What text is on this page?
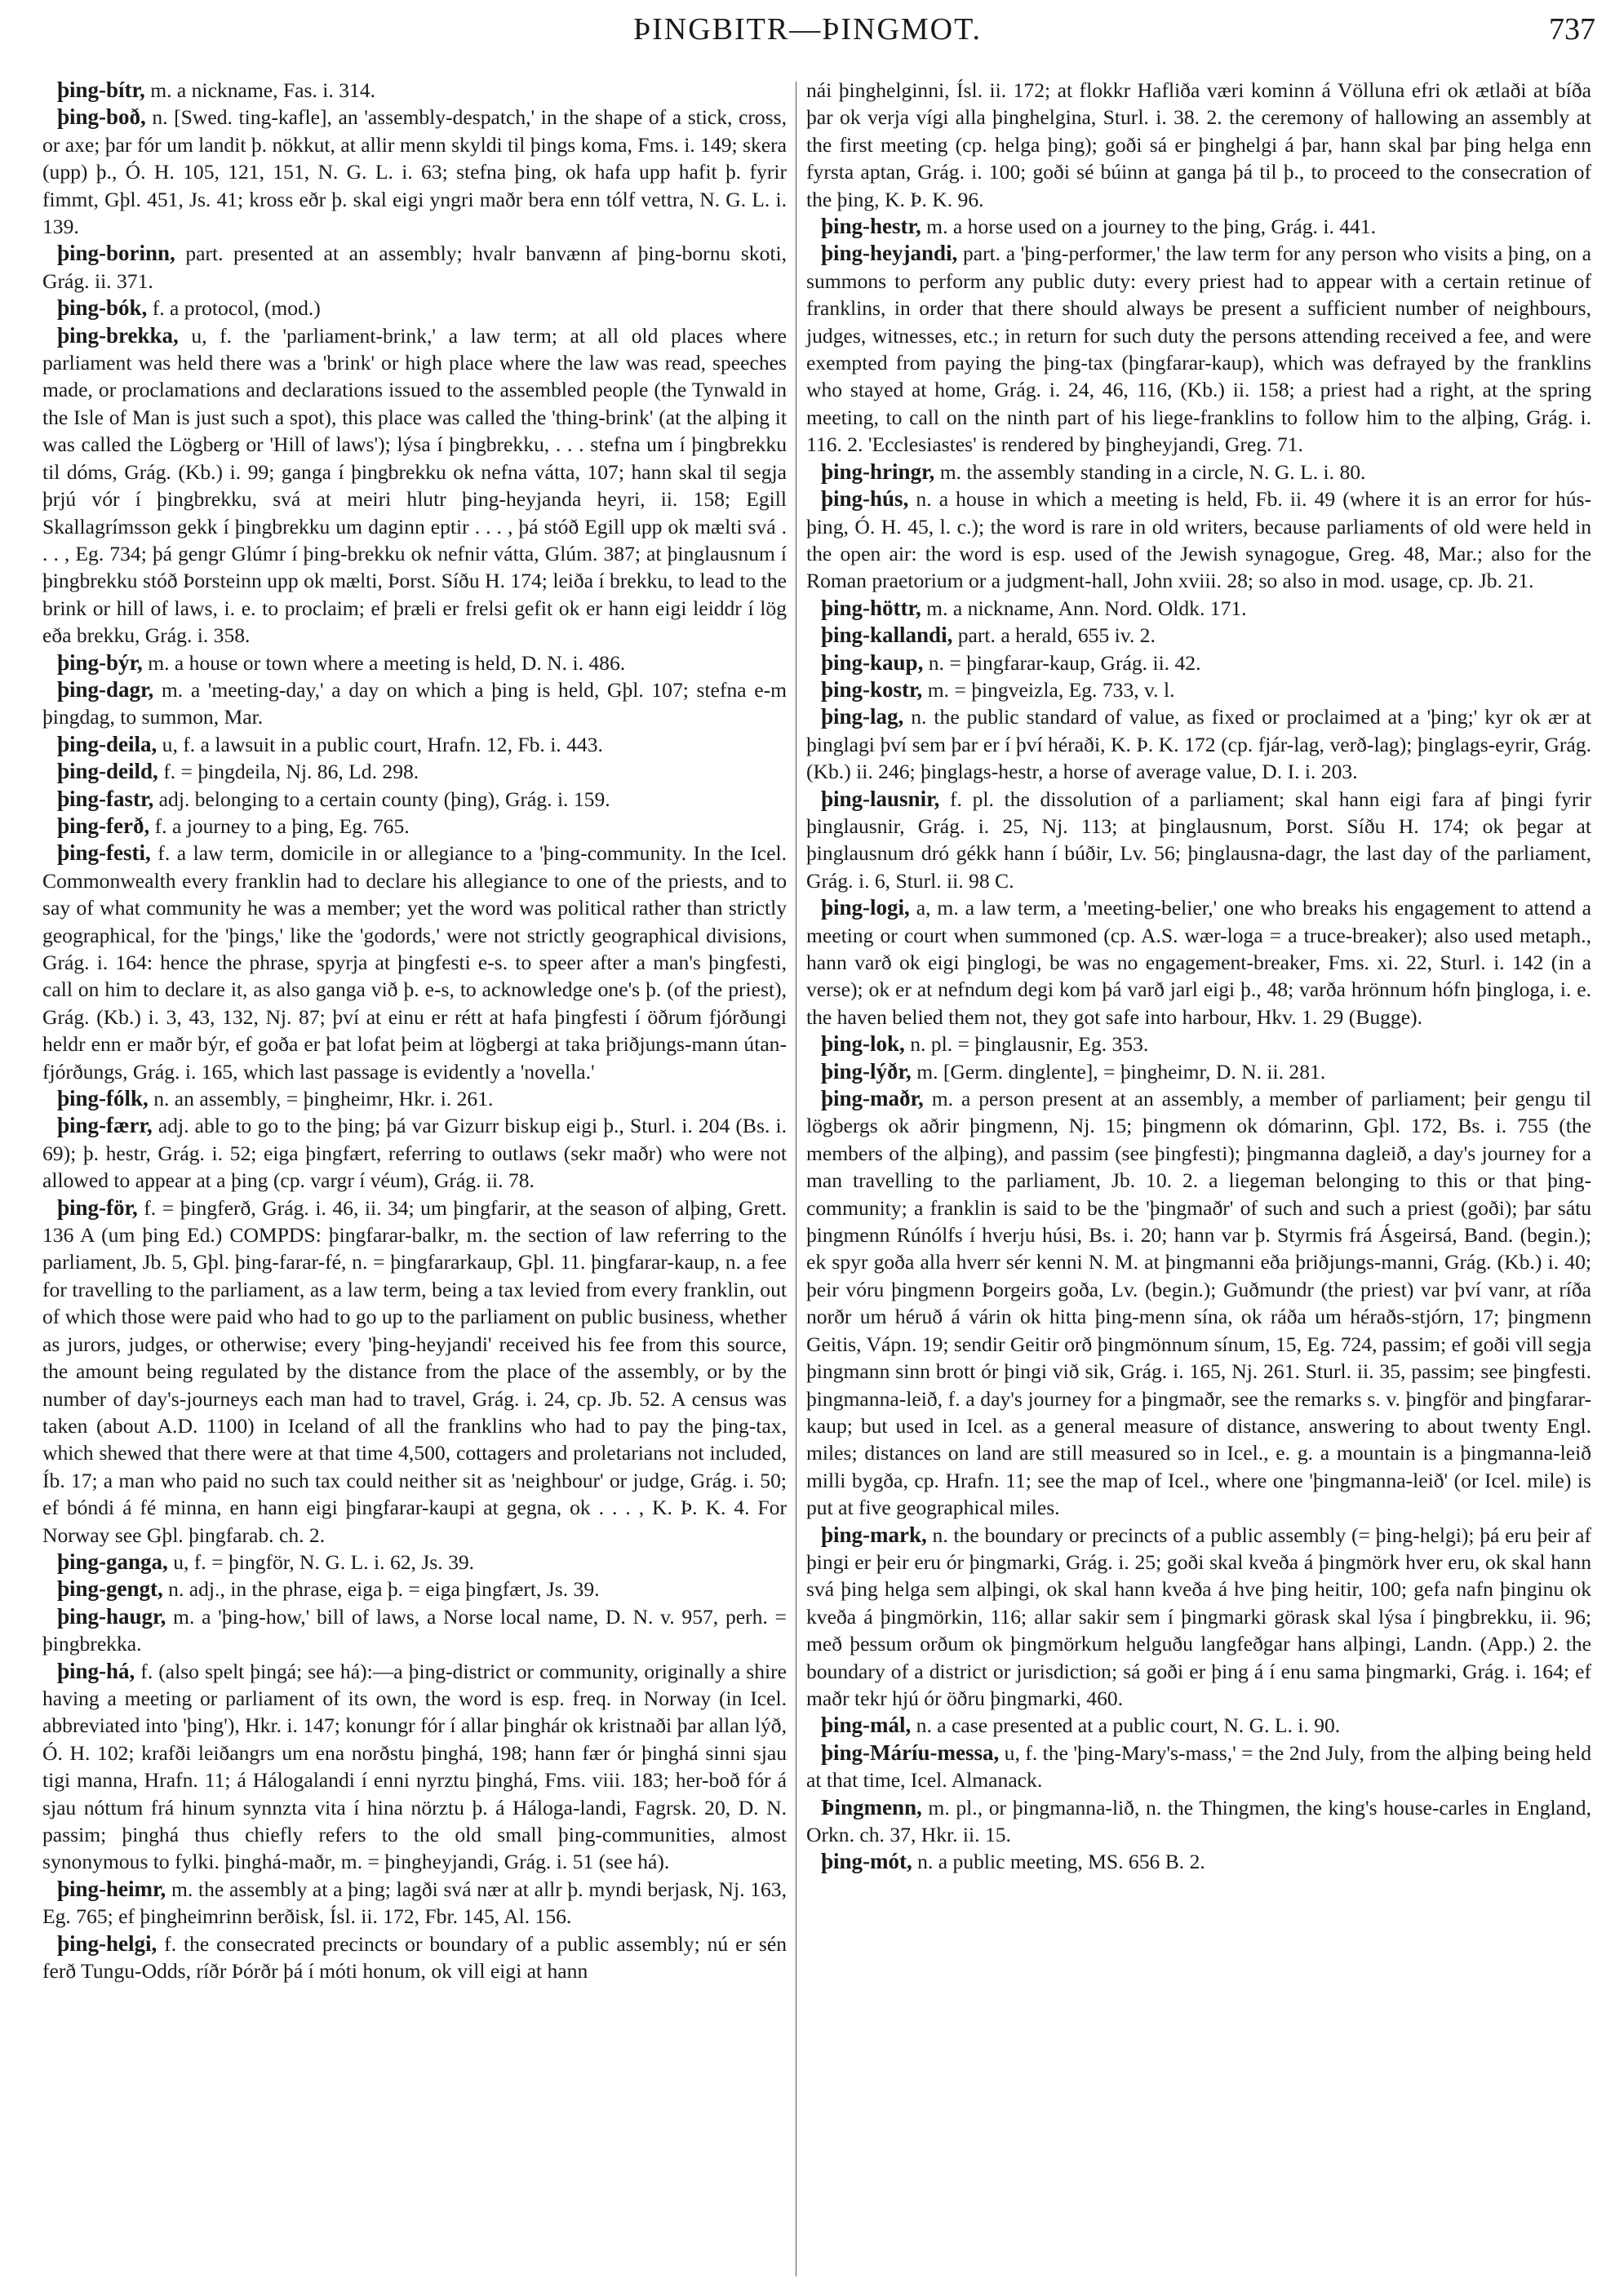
ÞINGBITR—ÞINGMOT.	737

þing-bítr, m. a nickname, Fas. i. 314.

þing-boð, n. [Swed. ting-kafle], an 'assembly-despatch,' in the shape of a stick, cross, or axe; þar fór um landit þ. nökkut, at allir menn skyldi til þings koma, Fms. i. 149; skera (upp) þ., Ó. H. 105, 121, 151, N. G. L. i. 63; stefna þing, ok hafa upp hafit þ. fyrir fimmt, Gþl. 451, Js. 41; kross eðr þ. skal eigi yngri maðr bera enn tólf vettra, N. G. L. i. 139.

þing-borinn, part. presented at an assembly; hvalr banvænn af þing-bornu skoti, Grág. ii. 371.

þing-bók, f. a protocol, (mod.)

þing-brekka, u, f. the 'parliament-brink,' a law term; at all old places where parliament was held there was a 'brink' or high place where the law was read, speeches made, or proclamations and declarations issued to the assembled people (the Tynwald in the Isle of Man is just such a spot), this place was called the 'thing-brink' (at the alþing it was called the Lögberg or 'Hill of laws'); lýsa í þingbrekku, . . . stefna um í þingbrekku til dóms, Grág. (Kb.) i. 99; ganga í þingbrekku ok nefna vátta, 107; hann skal til segja þrjú vór í þingbrekku, svá at meiri hlutr þing-heyjanda heyri, ii. 158; Egill Skallagrímsson gekk í þingbrekku um daginn eptir . . . , þá stóð Egill upp ok mælti svá . . . , Eg. 734; þá gengr Glúmr í þing-brekku ok nefnir vátta, Glúm. 387; at þinglausnum í þingbrekku stóð Þorsteinn upp ok mælti, Þorst. Síðu H. 174; leiða í brekku, to lead to the brink or hill of laws, i. e. to proclaim; ef þræli er frelsi gefit ok er hann eigi leiddr í lög eða brekku, Grág. i. 358.

þing-býr, m. a house or town where a meeting is held, D. N. i. 486.

þing-dagr, m. a 'meeting-day,' a day on which a þing is held, Gþl. 107; stefna e-m þingdag, to summon, Mar.

þing-deila, u, f. a lawsuit in a public court, Hrafn. 12, Fb. i. 443.

þing-deild, f. = þingdeila, Nj. 86, Ld. 298.

þing-fastr, adj. belonging to a certain county (þing), Grág. i. 159.

þing-ferð, f. a journey to a þing, Eg. 765.

þing-festi, f. a law term, domicile in or allegiance to a 'þing-community. In the Icel. Commonwealth every franklin had to declare his allegiance to one of the priests, and to say of what community he was a member; yet the word was political rather than strictly geographical, for the 'þings,' like the 'godords,' were not strictly geographical divisions, Grág. i. 164: hence the phrase, spyrja at þingfesti e-s. to speer after a man's þingfesti, call on him to declare it, as also ganga við þ. e-s, to acknowledge one's þ. (of the priest), Grág. (Kb.) i. 3, 43, 132, Nj. 87; því at einu er rétt at hafa þingfesti í öðrum fjórðungi heldr enn er maðr býr, ef goða er þat lofat þeim at lögbergi at taka þriðjungs-mann útan-fjórðungs, Grág. i. 165, which last passage is evidently a 'novella.'

þing-fólk, n. an assembly, = þingheimr, Hkr. i. 261.

þing-færr, adj. able to go to the þing; þá var Gizurr biskup eigi þ., Sturl. i. 204 (Bs. i. 69); þ. hestr, Grág. i. 52; eiga þingfært, referring to outlaws (sekr maðr) who were not allowed to appear at a þing (cp. vargr í véum), Grág. ii. 78.

þing-för, f. = þingferð, Grág. i. 46, ii. 34; um þingfarir, at the season of alþing, Grett. 136 A (um þing Ed.) COMPDS: þingfarar-balkr, m. the section of law referring to the parliament, Jb. 5, Gþl. þing-farar-fé, n. = þingfararkaup, Gþl. 11. þingfarar-kaup, n. a fee for travelling to the parliament, as a law term, being a tax levied from every franklin, out of which those were paid who had to go up to the parliament on public business, whether as jurors, judges, or otherwise; every 'þing-heyjandi' received his fee from this source, the amount being regulated by the distance from the place of the assembly, or by the number of day's-journeys each man had to travel, Grág. i. 24, cp. Jb. 52. A census was taken (about A.D. 1100) in Iceland of all the franklins who had to pay the þing-tax, which shewed that there were at that time 4,500, cottagers and proletarians not included, Íb. 17; a man who paid no such tax could neither sit as 'neighbour' or judge, Grág. i. 50; ef bóndi á fé minna, en hann eigi þingfarar-kaupi at gegna, ok . . . , K. Þ. K. 4. For Norway see Gþl. þingfarab. ch. 2.

þing-ganga, u, f. = þingför, N. G. L. i. 62, Js. 39.

þing-gengt, n. adj., in the phrase, eiga þ. = eiga þingfært, Js. 39.

þing-haugr, m. a 'þing-how,' bill of laws, a Norse local name, D. N. v. 957, perh. = þingbrekka.

þing-há, f. (also spelt þingá; see há):—a þing-district or community, originally a shire having a meeting or parliament of its own, the word is esp. freq. in Norway (in Icel. abbreviated into 'þing'), Hkr. i. 147; konungr fór í allar þinghár ok kristnaði þar allan lýð, Ó. H. 102; krafði leiðangrs um ena norðstu þinghá, 198; hann fær ór þinghá sinni sjau tigi manna, Hrafn. 11; á Hálogalandi í enni nyrztu þinghá, Fms. viii. 183; her-boð fór á sjau nóttum frá hinum synnzta vita í hina nörztu þ. á Háloga-landi, Fagrsk. 20, D. N. passim; þinghá thus chiefly refers to the old small þing-communities, almost synonymous to fylki. þinghá-maðr, m. = þingheyjandi, Grág. i. 51 (see há).

þing-heimr, m. the assembly at a þing; lagði svá nær at allr þ. myndi berjask, Nj. 163, Eg. 765; ef þingheimrinn berðisk, Ísl. ii. 172, Fbr. 145, Al. 156.

þing-helgi, f. the consecrated precincts or boundary of a public assembly; nú er sén ferð Tungu-Odds, ríðr Þórðr þá í móti honum, ok vill eigi at hann

nái þinghelginni, Ísl. ii. 172; at flokkr Hafliða væri kominn á Völluna efri ok ætlaði at bíða þar ok verja vígi alla þinghelgina, Sturl. i. 38. 2. the ceremony of hallowing an assembly at the first meeting (cp. helga þing); goði sá er þinghelgi á þar, hann skal þar þing helga enn fyrsta aptan, Grág. i. 100; goði sé búinn at ganga þá til þ., to proceed to the consecration of the þing, K. Þ. K. 96.

þing-hestr, m. a horse used on a journey to the þing, Grág. i. 441.

þing-heyjandi, part. a 'þing-performer,' the law term for any person who visits a þing, on a summons to perform any public duty: every priest had to appear with a certain retinue of franklins, in order that there should always be present a sufficient number of neighbours, judges, witnesses, etc.; in return for such duty the persons attending received a fee, and were exempted from paying the þing-tax (þingfarar-kaup), which was defrayed by the franklins who stayed at home, Grág. i. 24, 46, 116, (Kb.) ii. 158; a priest had a right, at the spring meeting, to call on the ninth part of his liege-franklins to follow him to the alþing, Grág. i. 116. 2. 'Ecclesiastes' is rendered by þingheyjandi, Greg. 71.

þing-hringr, m. the assembly standing in a circle, N. G. L. i. 80.

þing-hús, n. a house in which a meeting is held, Fb. ii. 49 (where it is an error for hús-þing, Ó. H. 45, l. c.); the word is rare in old writers, because parliaments of old were held in the open air: the word is esp. used of the Jewish synagogue, Greg. 48, Mar.; also for the Roman praetorium or a judgment-hall, John xviii. 28; so also in mod. usage, cp. Jb. 21.

þing-höttr, m. a nickname, Ann. Nord. Oldk. 171.

þing-kallandi, part. a herald, 655 iv. 2.

þing-kaup, n. = þingfarar-kaup, Grág. ii. 42.

þing-kostr, m. = þingveizla, Eg. 733, v. l.

þing-lag, n. the public standard of value, as fixed or proclaimed at a 'þing;' kyr ok ær at þinglagi því sem þar er í því héraði, K. Þ. K. 172 (cp. fjár-lag, verð-lag); þinglags-eyrir, Grág. (Kb.) ii. 246; þinglags-hestr, a horse of average value, D. I. i. 203.

þing-lausnir, f. pl. the dissolution of a parliament; skal hann eigi fara af þingi fyrir þinglausnir, Grág. i. 25, Nj. 113; at þinglausnum, Þorst. Síðu H. 174; ok þegar at þinglausnum dró gékk hann í búðir, Lv. 56; þinglausna-dagr, the last day of the parliament, Grág. i. 6, Sturl. ii. 98 C.

þing-logi, a, m. a law term, a 'meeting-belier,' one who breaks his engagement to attend a meeting or court when summoned (cp. A.S. wær-loga = a truce-breaker); also used metaph., hann varð ok eigi þinglogi, be was no engagement-breaker, Fms. xi. 22, Sturl. i. 142 (in a verse); ok er at nefndum degi kom þá varð jarl eigi þ., 48; varða hrönnum hófn þingloga, i. e. the haven belied them not, they got safe into harbour, Hkv. 1. 29 (Bugge).

þing-lok, n. pl. = þinglausnir, Eg. 353.

þing-lýðr, m. [Germ. dinglente], = þingheimr, D. N. ii. 281.

þing-maðr, m. a person present at an assembly, a member of parliament; þeir gengu til lögbergs ok aðrir þingmenn, Nj. 15; þingmenn ok dómarinn, Gþl. 172, Bs. i. 755 (the members of the alþing), and passim (see þingfesti); þingmanna dagleið, a day's journey for a man travelling to the parliament, Jb. 10. 2. a liegeman belonging to this or that þing-community; a franklin is said to be the 'þingmaðr' of such and such a priest (goði); þar sátu þingmenn Rúnólfs í hverju húsi, Bs. i. 20; hann var þ. Styrmis frá Ásgeirsá, Band. (begin.); ek spyr goða alla hverr sér kenni N. M. at þingmanni eða þriðjungs-manni, Grág. (Kb.) i. 40; þeir vóru þingmenn Þorgeirs goða, Lv. (begin.); Guðmundr (the priest) var því vanr, at ríða norðr um héruð á várin ok hitta þing-menn sína, ok ráða um héraðs-stjórn, 17; þingmenn Geitis, Vápn. 19; sendir Geitir orð þingmönnum sínum, 15, Eg. 724, passim; ef goði vill segja þingmann sinn brott ór þingi við sik, Grág. i. 165, Nj. 261. Sturl. ii. 35, passim; see þingfesti. þingmanna-leið, f. a day's journey for a þingmaðr, see the remarks s. v. þingför and þingfarar-kaup; but used in Icel. as a general measure of distance, answering to about twenty Engl. miles; distances on land are still measured so in Icel., e. g. a mountain is a þingmanna-leið milli bygða, cp. Hrafn. 11; see the map of Icel., where one 'þingmanna-leið' (or Icel. mile) is put at five geographical miles.

þing-mark, n. the boundary or precincts of a public assembly (= þing-helgi); þá eru þeir af þingi er þeir eru ór þingmarki, Grág. i. 25; goði skal kveða á þingmörk hver eru, ok skal hann svá þing helga sem alþingi, ok skal hann kveða á hve þing heitir, 100; gefa nafn þinginu ok kveða á þingmörkin, 116; allar sakir sem í þingmarki görask skal lýsa í þingbrekku, ii. 96; með þessum orðum ok þingmörkum helguðu langfeðgar hans alþingi, Landn. (App.) 2. the boundary of a district or jurisdiction; sá goði er þing á í enu sama þingmarki, Grág. i. 164; ef maðr tekr hjú ór öðru þingmarki, 460.

þing-mál, n. a case presented at a public court, N. G. L. i. 90.

þing-Máríu-messa, u, f. the 'þing-Mary's-mass,' = the 2nd July, from the alþing being held at that time, Icel. Almanack.

Þingmenn, m. pl., or þingmanna-lið, n. the Thingmen, the king's house-carles in England, Orkn. ch. 37, Hkr. ii. 15.

þing-mót, n. a public meeting, MS. 656 B. 2.
